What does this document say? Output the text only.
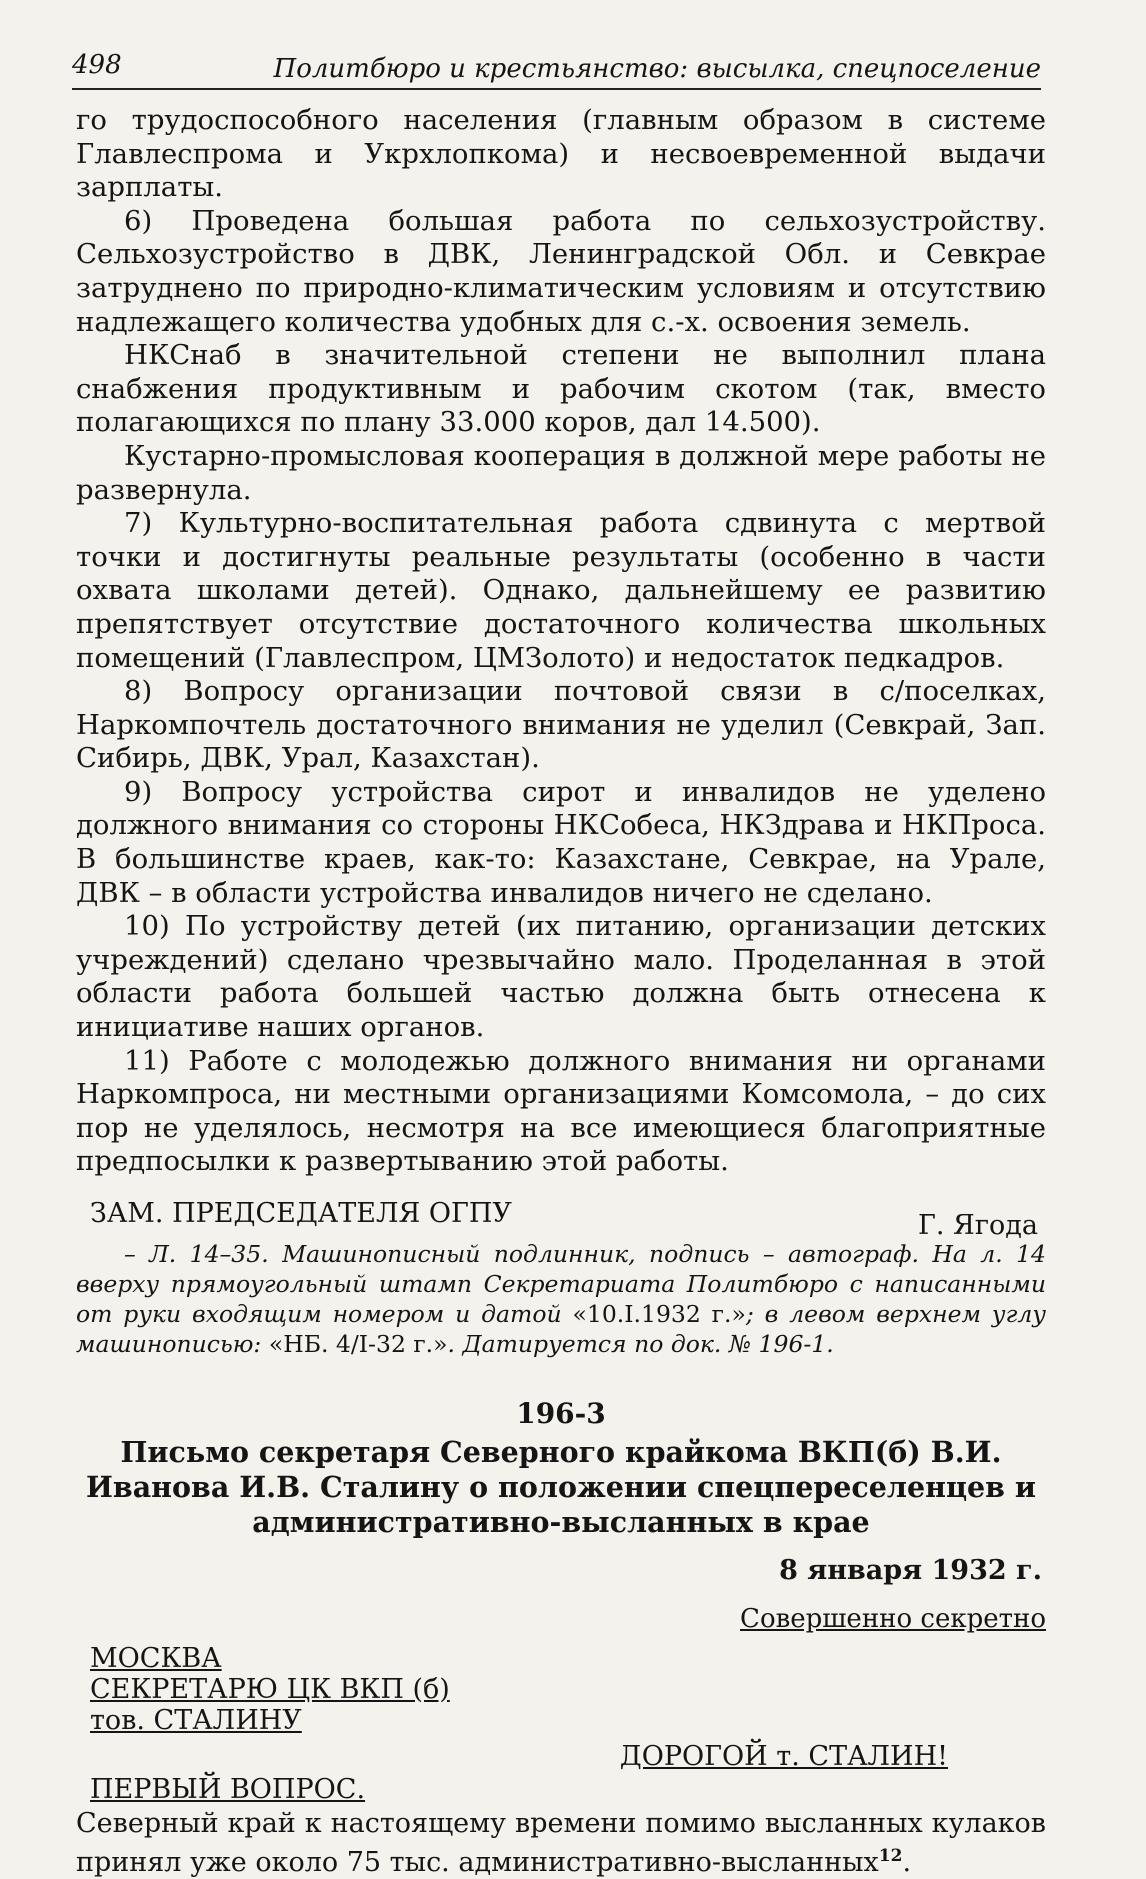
498	Политбюро и крестьянство: высылка, спецпоселение

го трудоспособного населения (главным образом в системе Главлеспрома и Укрхлопкома) и несвоевременной выдачи зарплаты.

6) Проведена большая работа по сельхозустройству. Сельхозустройство в ДВК, Ленинградской Обл. и Севкрае затруднено по природно-климатическим условиям и отсутствию надлежащего количества удобных для с.-х. освоения земель.

НКСнаб в значительной степени не выполнил плана снабжения продуктивным и рабочим скотом (так, вместо полагающихся по плану 33.000 коров, дал 14.500).

Кустарно-промысловая кооперация в должной мере работы не развернула.

7) Культурно-воспитательная работа сдвинута с мертвой точки и достигнуты реальные результаты (особенно в части охвата школами детей). Однако, дальнейшему ее развитию препятствует отсутствие достаточного количества школьных помещений (Главлеспром, ЦМЗолото) и недостаток педкадров.

8) Вопросу организации почтовой связи в с/поселках, Наркомпочтель достаточного внимания не уделил (Севкрай, Зап. Сибирь, ДВК, Урал, Казахстан).

9) Вопросу устройства сирот и инвалидов не уделено должного внимания со стороны НКСобеса, НКЗдрава и НКПроса. В большинстве краев, как-то: Казахстане, Севкрае, на Урале, ДВК – в области устройства инвалидов ничего не сделано.

10) По устройству детей (их питанию, организации детских учреждений) сделано чрезвычайно мало. Проделанная в этой области работа большей частью должна быть отнесена к инициативе наших органов.

11) Работе с молодежью должного внимания ни органами Наркомпроса, ни местными организациями Комсомола, – до сих пор не уделялось, несмотря на все имеющиеся благоприятные предпосылки к развертыванию этой работы.

ЗАМ. ПРЕДСЕДАТЕЛЯ ОГПУ	Г. Ягода

– Л. 14–35. Машинописный подлинник, подпись – автограф. На л. 14 вверху прямоугольный штамп Секретариата Политбюро с написанными от руки входящим номером и датой «10.I.1932 г.»; в левом верхнем углу машинописью: «НБ. 4/I-32 г.». Датируется по док. № 196-1.

196-3
Письмо секретаря Северного крайкома ВКП(б) В.И. Иванова И.В. Сталину о положении спецпереселенцев и административно-высланных в крае
8 января 1932 г.
Совершенно секретно
МОСКВА
СЕКРЕТАРЮ ЦК ВКП (б)
тов. СТАЛИНУ
ДОРОГОЙ т. СТАЛИН!
ПЕРВЫЙ ВОПРОС.

Северный край к настоящему времени помимо высланных кулаков принял уже около 75 тыс. административно-высланных$^{12}$.
